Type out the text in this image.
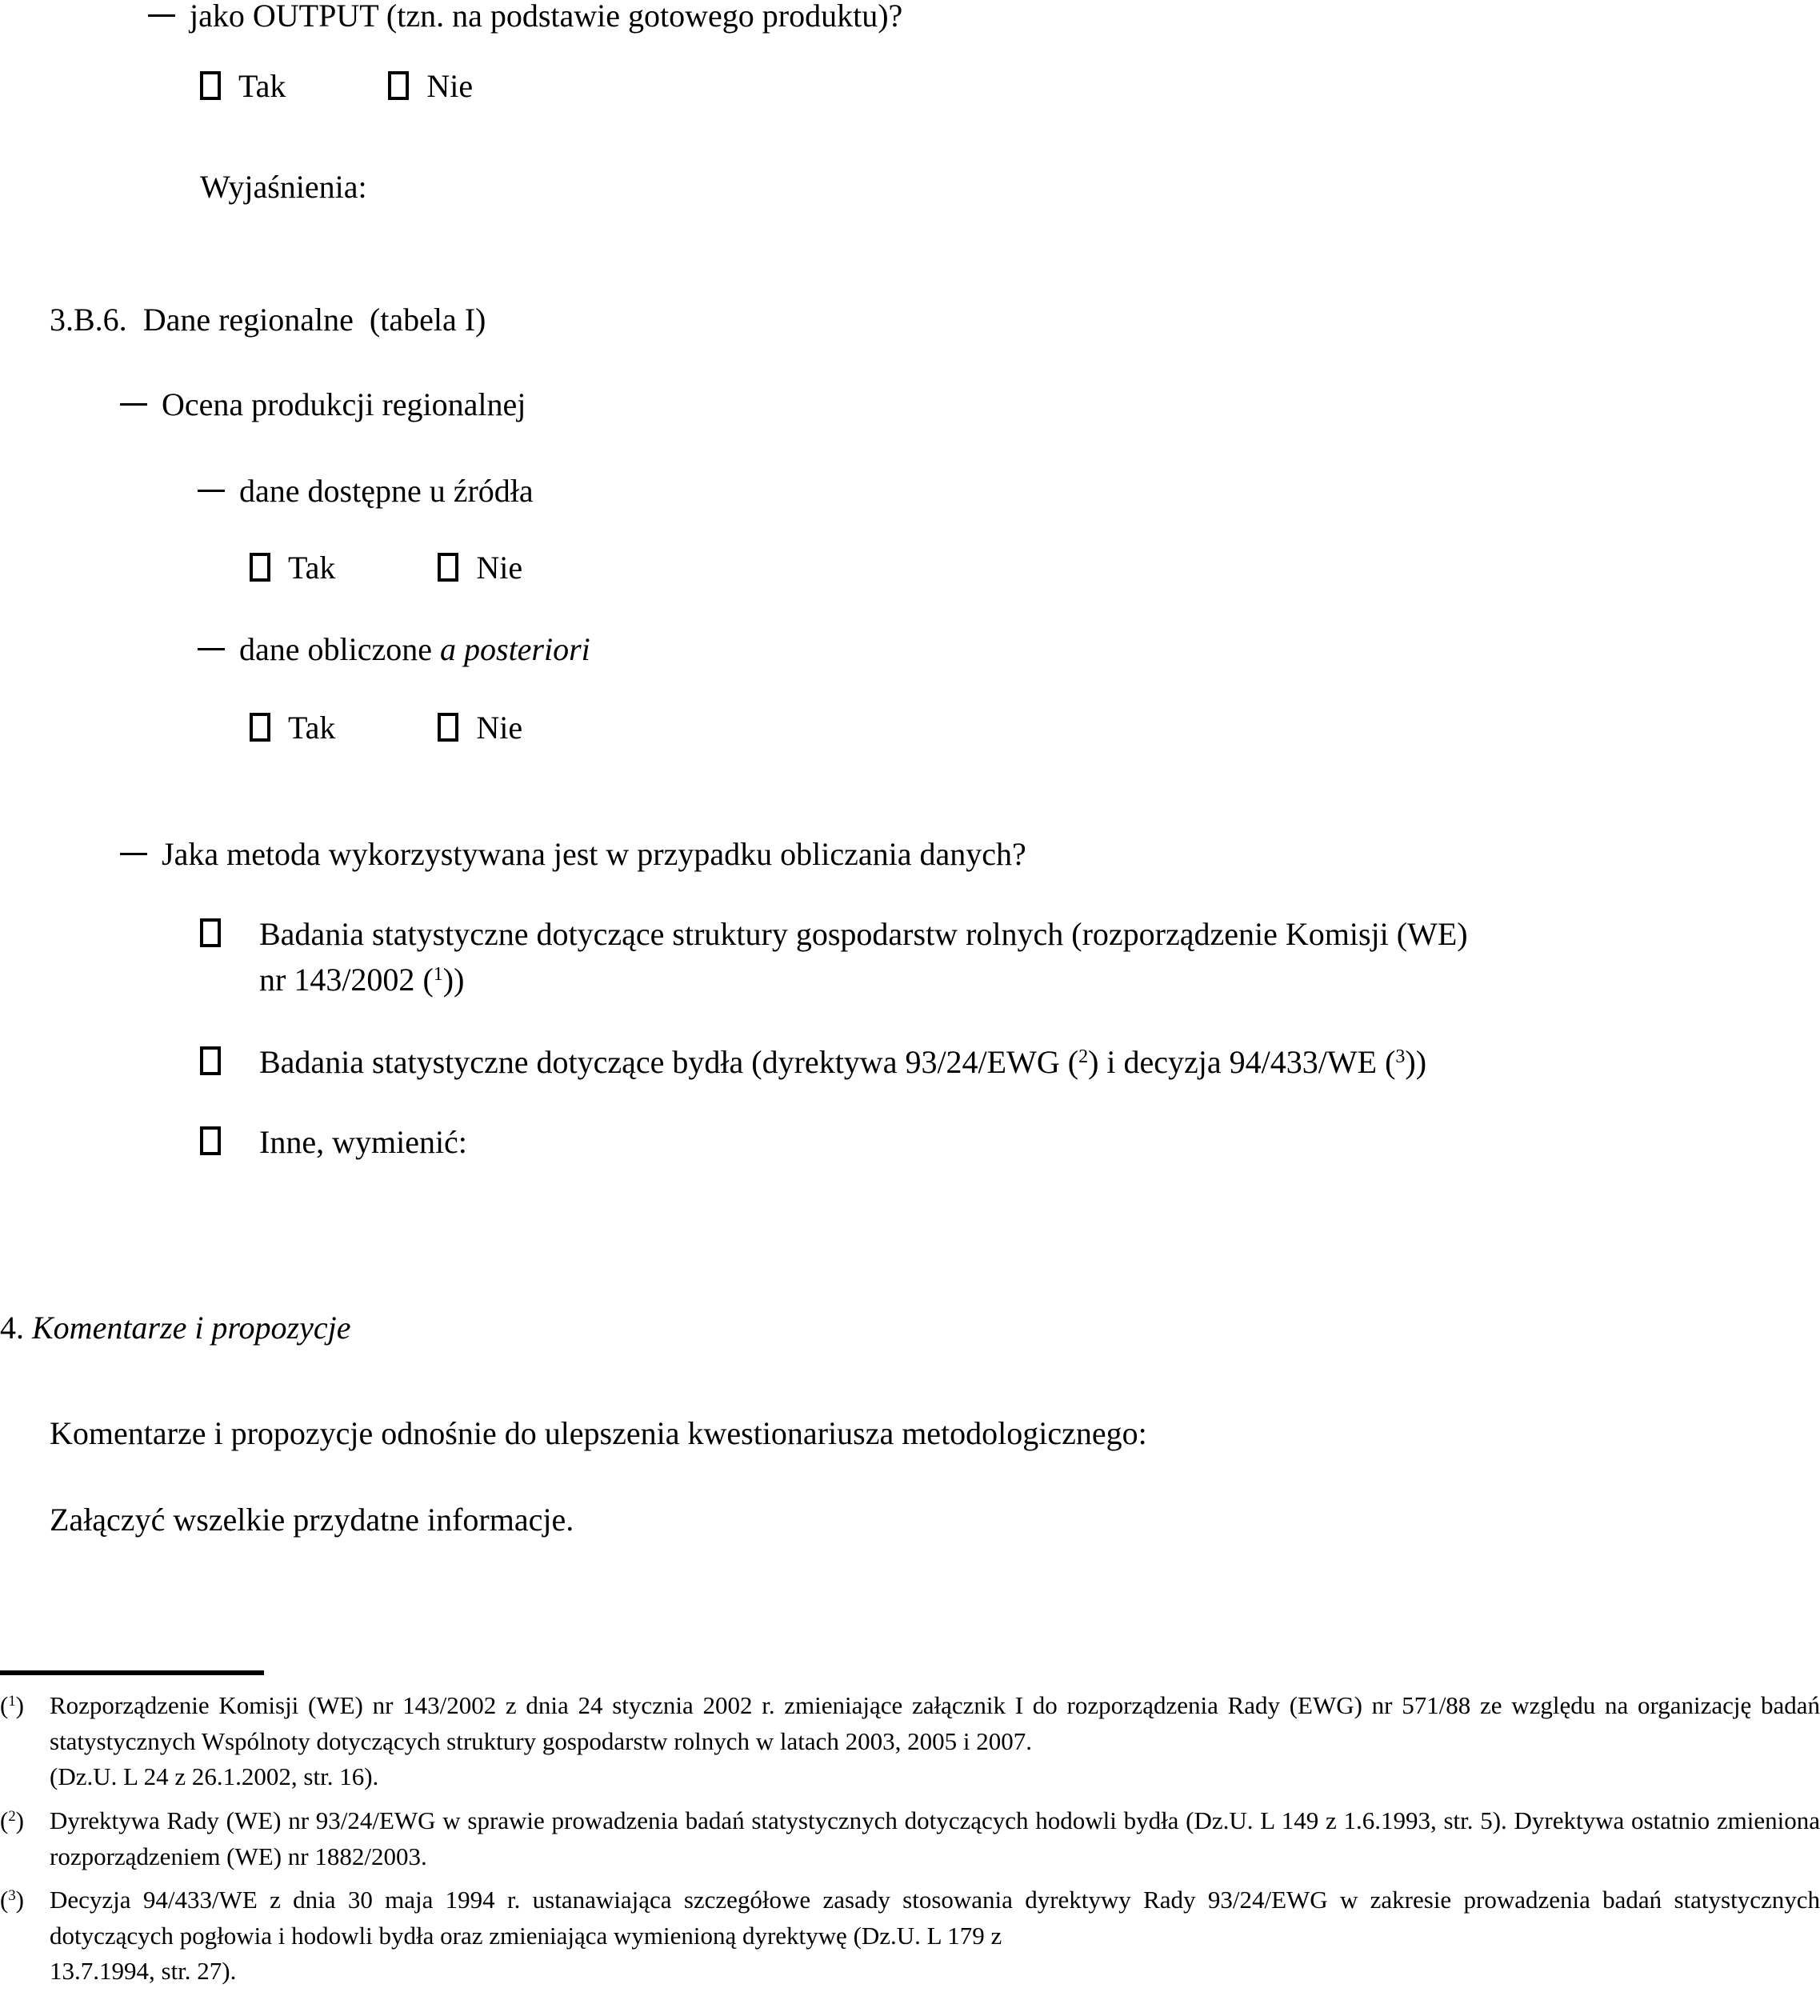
jako OUTPUT (tzn. na podstawie gotowego produktu)?
Tak	Nie
Wyjaśnienia:
3.B.6. Dane regionalne (tabela I)
Ocena produkcji regionalnej
dane dostępne u źródła
Tak	Nie
dane obliczone a posteriori
Tak	Nie
Jaka metoda wykorzystywana jest w przypadku obliczania danych?
Badania statystyczne dotyczące struktury gospodarstw rolnych (rozporządzenie Komisji (WE)
nr 143/2002 ($^1$))
Badania statystyczne dotyczące bydła (dyrektywa 93/24/EWG ($^2$) i decyzja 94/433/WE ($^3$))
Inne, wymienić:
4. Komentarze i propozycje
Komentarze i propozycje odnośnie do ulepszenia kwestionariusza metodologicznego:
Załączyć wszelkie przydatne informacje.
($^1$) Rozporządzenie Komisji (WE) nr 143/2002 z dnia 24 stycznia 2002 r. zmieniające załącznik I do rozporządzenia Rady (EWG) nr 571/88 ze względu na organizację badań statystycznych Wspólnoty dotyczących struktury gospodarstw rolnych w latach 2003, 2005 i 2007.
(Dz.U. L 24 z 26.1.2002, str. 16).
($^2$) Dyrektywa Rady (WE) nr 93/24/EWG w sprawie prowadzenia badań statystycznych dotyczących hodowli bydła (Dz.U. L 149 z 1.6.1993, str. 5). Dyrektywa ostatnio zmieniona rozporządzeniem (WE) nr 1882/2003.
($^3$) Decyzja 94/433/WE z dnia 30 maja 1994 r. ustanawiająca szczegółowe zasady stosowania dyrektywy Rady 93/24/EWG w zakresie prowadzenia badań statystycznych dotyczących pogłowia i hodowli bydła oraz zmieniająca wymienioną dyrektywę (Dz.U. L 179 z
13.7.1994, str. 27).
